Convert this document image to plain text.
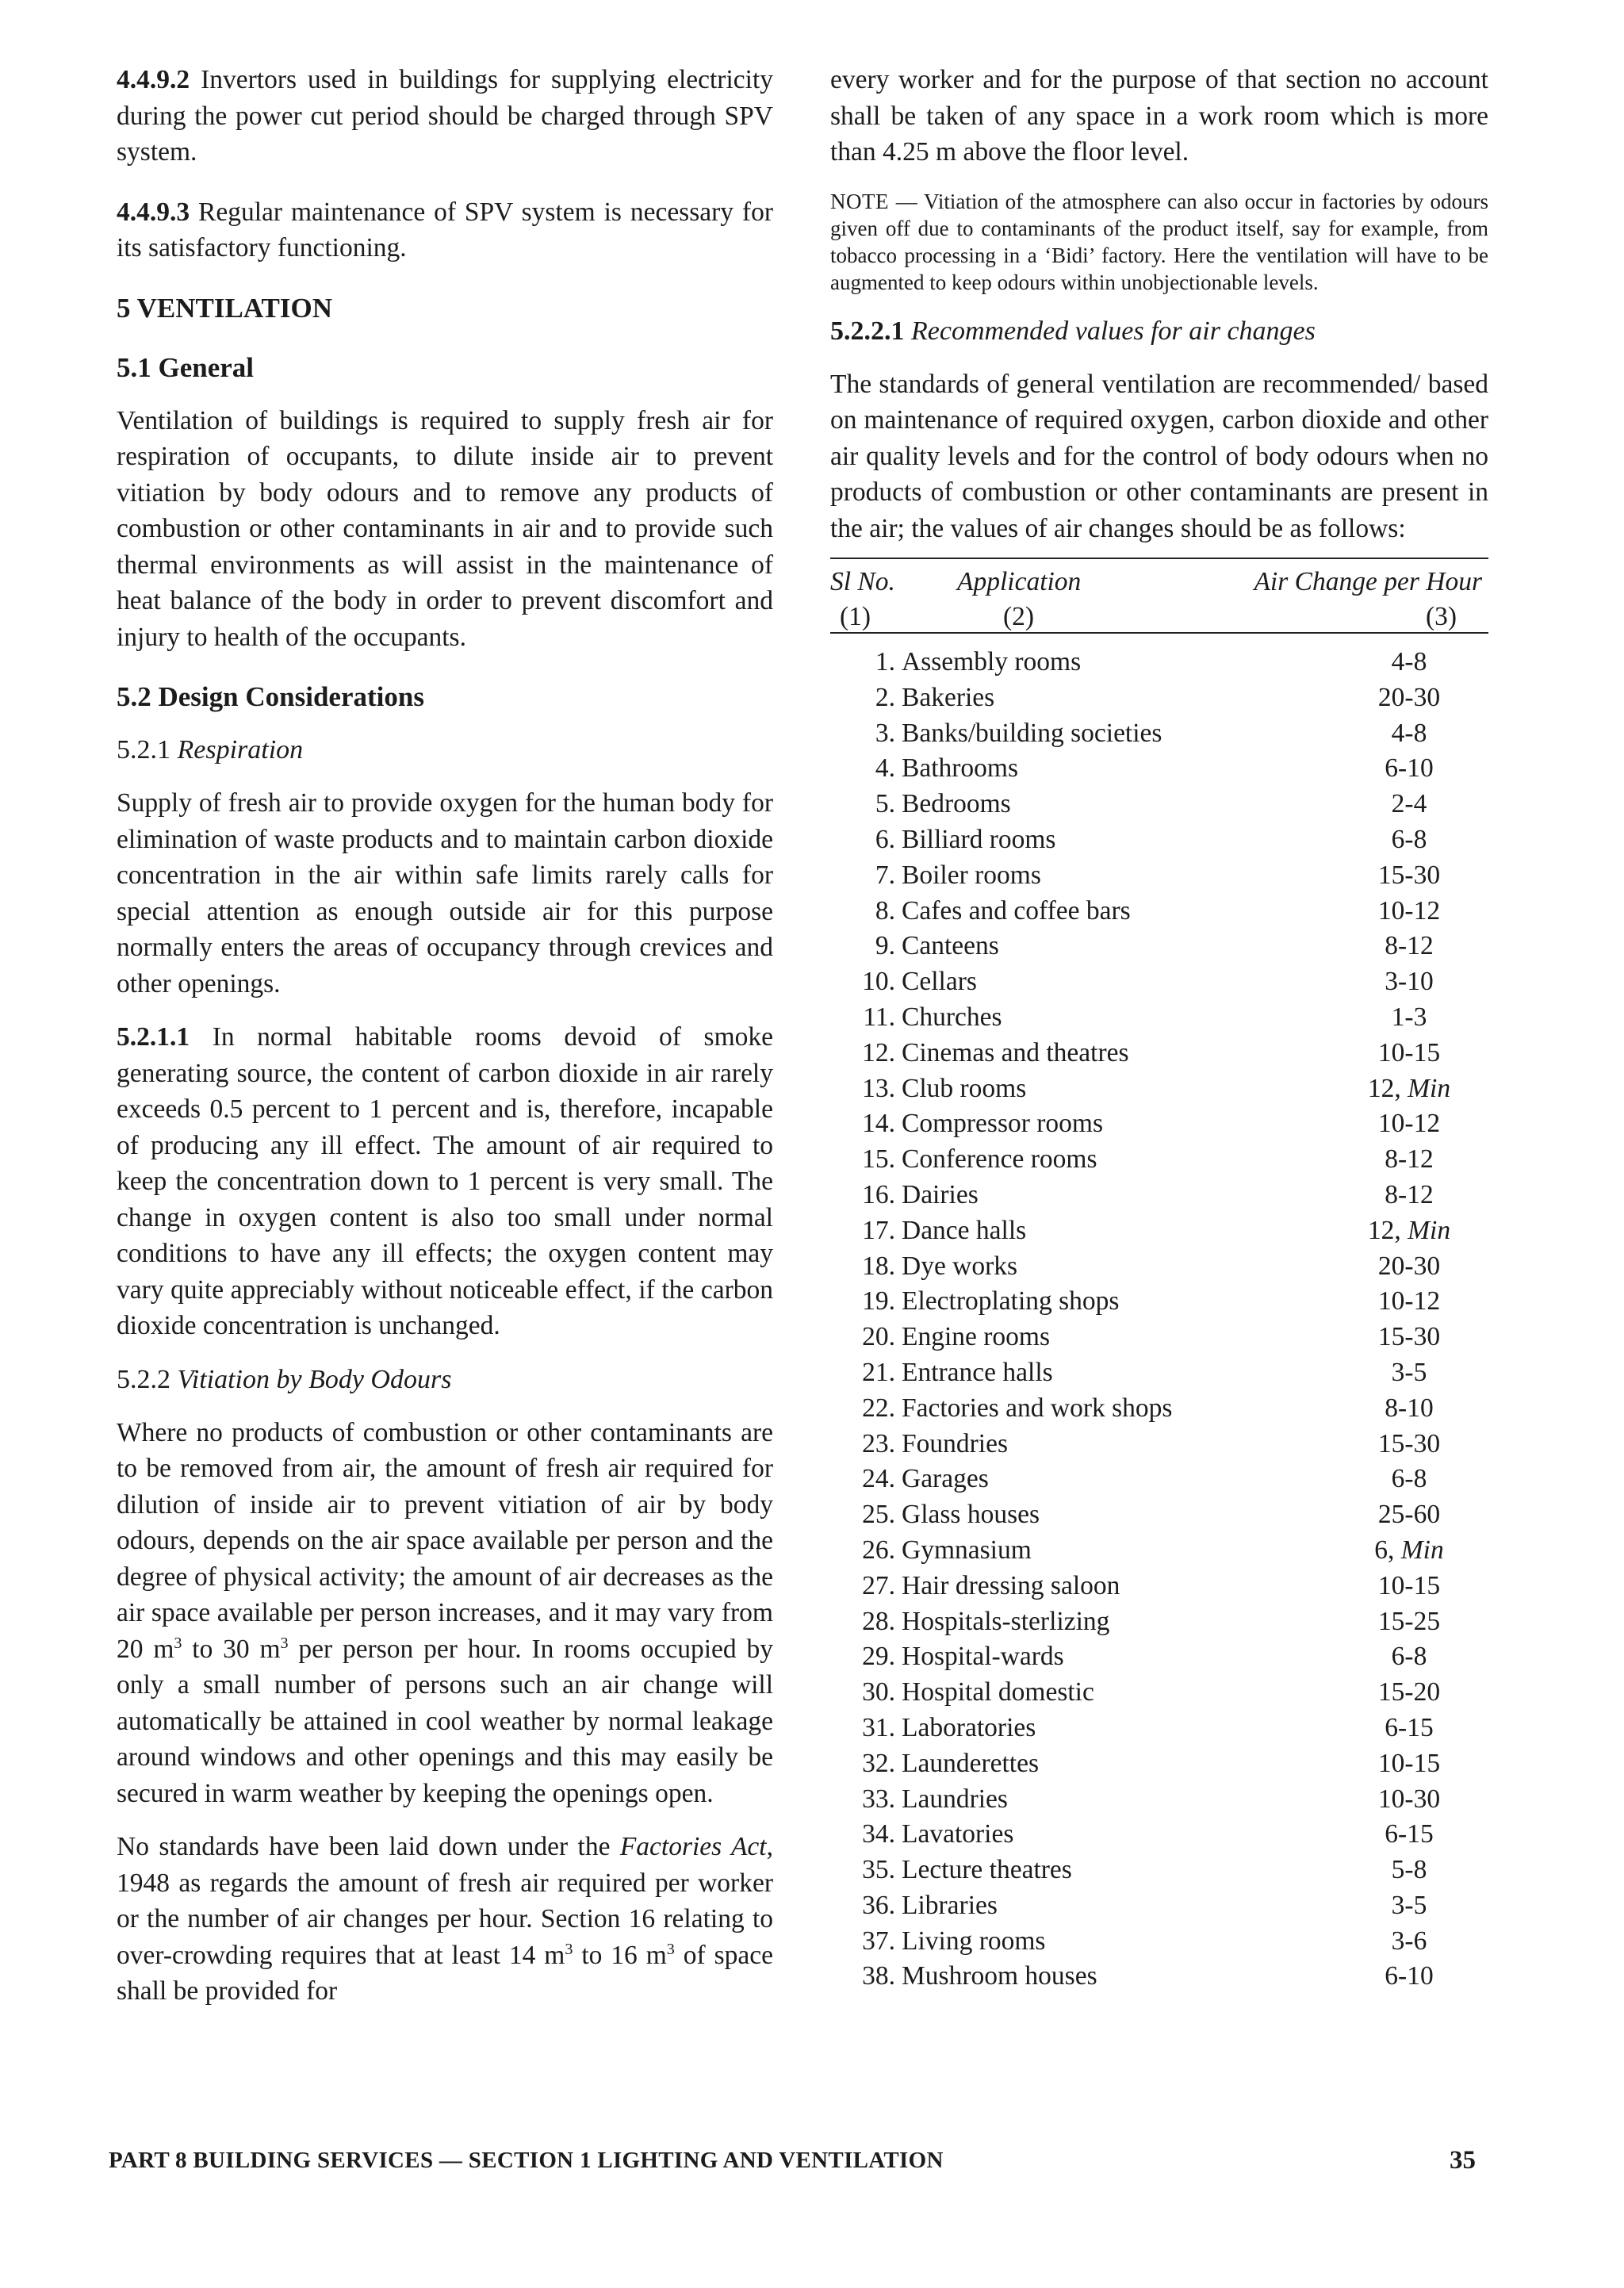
4.4.9.2 Invertors used in buildings for supplying electricity during the power cut period should be charged through SPV system.

4.4.9.3 Regular maintenance of SPV system is necessary for its satisfactory functioning.

5 VENTILATION
5.1 General

Ventilation of buildings is required to supply fresh air for respiration of occupants, to dilute inside air to prevent vitiation by body odours and to remove any products of combustion or other contaminants in air and to provide such thermal environments as will assist in the maintenance of heat balance of the body in order to prevent discomfort and injury to health of the occupants.

5.2 Design Considerations

5.2.1 Respiration

Supply of fresh air to provide oxygen for the human body for elimination of waste products and to maintain carbon dioxide concentration in the air within safe limits rarely calls for special attention as enough outside air for this purpose normally enters the areas of occupancy through crevices and other openings.

5.2.1.1 In normal habitable rooms devoid of smoke generating source, the content of carbon dioxide in air rarely exceeds 0.5 percent to 1 percent and is, therefore, incapable of producing any ill effect. The amount of air required to keep the concentration down to 1 percent is very small. The change in oxygen content is also too small under normal conditions to have any ill effects; the oxygen content may vary quite appreciably without noticeable effect, if the carbon dioxide concentration is unchanged.

5.2.2 Vitiation by Body Odours

Where no products of combustion or other contaminants are to be removed from air, the amount of fresh air required for dilution of inside air to prevent vitiation of air by body odours, depends on the air space available per person and the degree of physical activity; the amount of air decreases as the air space available per person increases, and it may vary from 20 $m^3$ to 30 $m^3$ per person per hour. In rooms occupied by only a small number of persons such an air change will automatically be attained in cool weather by normal leakage around windows and other openings and this may easily be secured in warm weather by keeping the openings open.

No standards have been laid down under the Factories Act, 1948 as regards the amount of fresh air required per worker or the number of air changes per hour. Section 16 relating to over-crowding requires that at least 14 $m^3$ to 16 $m^3$ of space shall be provided for

every worker and for the purpose of that section no account shall be taken of any space in a work room which is more than 4.25 m above the floor level.

NOTE — Vitiation of the atmosphere can also occur in factories by odours given off due to contaminants of the product itself, say for example, from tobacco processing in a ‘Bidi’ factory. Here the ventilation will have to be augmented to keep odours within unobjectionable levels.

5.2.2.1 Recommended values for air changes

The standards of general ventilation are recommended/ based on maintenance of required oxygen, carbon dioxide and other air quality levels and for the control of body odours when no products of combustion or other contaminants are present in the air; the values of air changes should be as follows:

Sl No. Application	Air Change per Hour
(1)	(2)	(3)
1. Assembly rooms	4-8
2. Bakeries	20-30
3. Banks/building societies	4-8
4. Bathrooms	6-10
5. Bedrooms	2-4
6. Billiard rooms	6-8
7. Boiler rooms	15-30
8. Cafes and coffee bars	10-12
9. Canteens	8-12
10. Cellars	3-10
11. Churches	1-3
12. Cinemas and theatres	10-15
13. Club rooms	12, Min
14. Compressor rooms	10-12
15. Conference rooms	8-12
16. Dairies	8-12
17. Dance halls	12, Min
18. Dye works	20-30
19. Electroplating shops	10-12
20. Engine rooms	15-30
21. Entrance halls	3-5
22. Factories and work shops	8-10
23. Foundries	15-30
24. Garages	6-8
25. Glass houses	25-60
26. Gymnasium	6, Min
27. Hair dressing saloon	10-15
28. Hospitals-sterlizing	15-25
29. Hospital-wards	6-8
30. Hospital domestic	15-20
31. Laboratories	6-15
32. Launderettes	10-15
33. Laundries	10-30
34. Lavatories	6-15
35. Lecture theatres	5-8
36. Libraries	3-5
37. Living rooms	3-6
38. Mushroom houses	6-10
PART 8 BUILDING SERVICES — SECTION 1 LIGHTING AND VENTILATION	35
